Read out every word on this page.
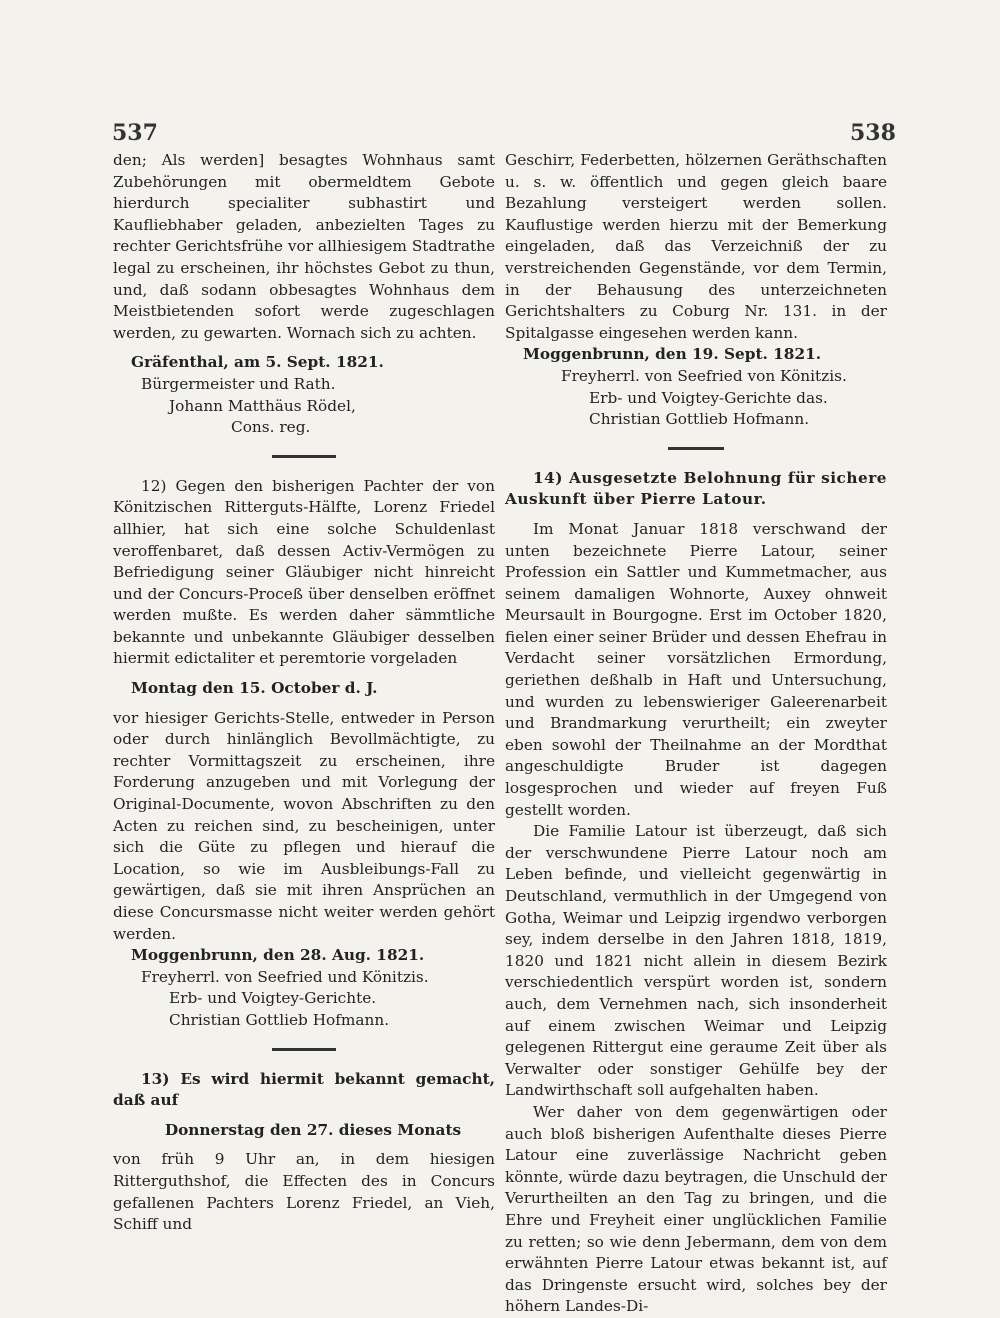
537	538

den; Als werden] besagtes Wohnhaus samt Zubehörungen mit obermeldtem Gebote hierdurch specialiter subhastirt und Kaufliebhaber geladen, anbezielten Tages zu rechter Gerichtsfrühe vor allhiesigem Stadtrathe legal zu erscheinen, ihr höchstes Gebot zu thun, und, daß sodann obbesagtes Wohnhaus dem Meistbietenden sofort werde zugeschlagen werden, zu gewarten. Wornach sich zu achten.

Gräfenthal, am 5. Sept. 1821.

Bürgermeister und Rath.

Johann Matthäus Rödel,

Cons. reg.

12) Gegen den bisherigen Pachter der von Könitzischen Ritterguts-Hälfte, Lorenz Friedel allhier, hat sich eine solche Schuldenlast veroffenbaret, daß dessen Activ-Vermögen zu Befriedigung seiner Gläubiger nicht hinreicht und der Concurs-Proceß über denselben eröffnet werden mußte. Es werden daher sämmtliche bekannte und unbekannte Gläubiger desselben hiermit edictaliter et peremtorie vorgeladen

Montag den 15. October d. J.

vor hiesiger Gerichts-Stelle, entweder in Person oder durch hinlänglich Bevollmächtigte, zu rechter Vormittagszeit zu erscheinen, ihre Forderung anzugeben und mit Vorlegung der Original-Documente, wovon Abschriften zu den Acten zu reichen sind, zu bescheinigen, unter sich die Güte zu pflegen und hierauf die Location, so wie im Ausbleibungs-Fall zu gewärtigen, daß sie mit ihren Ansprüchen an diese Concursmasse nicht weiter werden gehört werden.

Moggenbrunn, den 28. Aug. 1821.

Freyherrl. von Seefried und Könitzis.

Erb- und Voigtey-Gerichte.

Christian Gottlieb Hofmann.

13) Es wird hiermit bekannt gemacht, daß auf

Donnerstag den 27. dieses Monats

von früh 9 Uhr an, in dem hiesigen Ritterguthshof, die Effecten des in Concurs gefallenen Pachters Lorenz Friedel, an Vieh, Schiff und

Geschirr, Federbetten, hölzernen Geräthschaften u. s. w. öffentlich und gegen gleich baare Bezahlung versteigert werden sollen. Kauflustige werden hierzu mit der Bemerkung eingeladen, daß das Verzeichniß der zu verstreichenden Gegenstände, vor dem Termin, in der Behausung des unterzeichneten Gerichtshalters zu Coburg Nr. 131. in der Spitalgasse eingesehen werden kann.

Moggenbrunn, den 19. Sept. 1821.

Freyherrl. von Seefried von Könitzis.

Erb- und Voigtey-Gerichte das.

Christian Gottlieb Hofmann.

14) Ausgesetzte Belohnung für sichere Auskunft über Pierre Latour.

Im Monat Januar 1818 verschwand der unten bezeichnete Pierre Latour, seiner Profession ein Sattler und Kummetmacher, aus seinem damaligen Wohnorte, Auxey ohnweit Meursault in Bourgogne. Erst im October 1820, fielen einer seiner Brüder und dessen Ehefrau in Verdacht seiner vorsätzlichen Ermordung, geriethen deßhalb in Haft und Untersuchung, und wurden zu lebenswieriger Galeerenarbeit und Brandmarkung verurtheilt; ein zweyter eben sowohl der Theilnahme an der Mordthat angeschuldigte Bruder ist dagegen losgesprochen und wieder auf freyen Fuß gestellt worden.

Die Familie Latour ist überzeugt, daß sich der verschwundene Pierre Latour noch am Leben befinde, und vielleicht gegenwärtig in Deutschland, vermuthlich in der Umgegend von Gotha, Weimar und Leipzig irgendwo verborgen sey, indem derselbe in den Jahren 1818, 1819, 1820 und 1821 nicht allein in diesem Bezirk verschiedentlich verspürt worden ist, sondern auch, dem Vernehmen nach, sich insonderheit auf einem zwischen Weimar und Leipzig gelegenen Rittergut eine geraume Zeit über als Verwalter oder sonstiger Gehülfe bey der Landwirthschaft soll aufgehalten haben.

Wer daher von dem gegenwärtigen oder auch bloß bisherigen Aufenthalte dieses Pierre Latour eine zuverlässige Nachricht geben könnte, würde dazu beytragen, die Unschuld der Verurtheilten an den Tag zu bringen, und die Ehre und Freyheit einer unglücklichen Familie zu retten; so wie denn Jebermann, dem von dem erwähnten Pierre Latour etwas bekannt ist, auf das Dringenste ersucht wird, solches bey der höhern Landes-Di-
